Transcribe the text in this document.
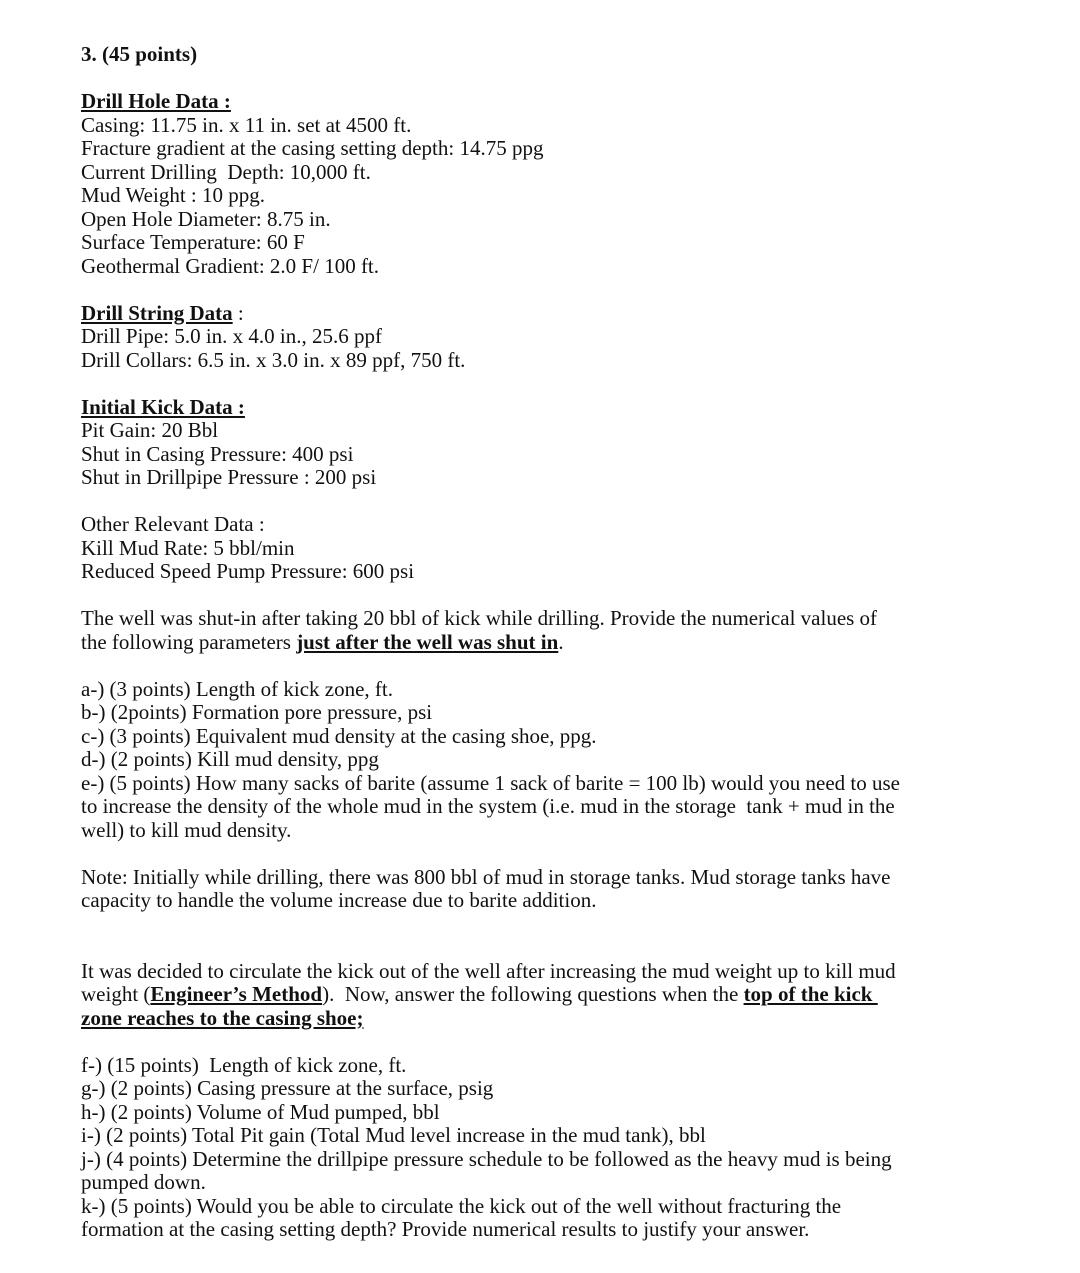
3. (45 points)
Drill Hole Data :
Casing: 11.75 in. x 11 in. set at 4500 ft.
Fracture gradient at the casing setting depth: 14.75 ppg
Current Drilling  Depth: 10,000 ft.
Mud Weight : 10 ppg.
Open Hole Diameter: 8.75 in.
Surface Temperature: 60 F
Geothermal Gradient: 2.0 F/ 100 ft.
Drill String Data :
Drill Pipe: 5.0 in. x 4.0 in., 25.6 ppf
Drill Collars: 6.5 in. x 3.0 in. x 89 ppf, 750 ft.
Initial Kick Data :
Pit Gain: 20 Bbl
Shut in Casing Pressure: 400 psi
Shut in Drillpipe Pressure : 200 psi
Other Relevant Data :
Kill Mud Rate: 5 bbl/min
Reduced Speed Pump Pressure: 600 psi
The well was shut-in after taking 20 bbl of kick while drilling. Provide the numerical values of
the following parameters just after the well was shut in.
a-) (3 points) Length of kick zone, ft.
b-) (2points) Formation pore pressure, psi
c-) (3 points) Equivalent mud density at the casing shoe, ppg.
d-) (2 points) Kill mud density, ppg
e-) (5 points) How many sacks of barite (assume 1 sack of barite = 100 lb) would you need to use
to increase the density of the whole mud in the system (i.e. mud in the storage  tank + mud in the
well) to kill mud density.
Note: Initially while drilling, there was 800 bbl of mud in storage tanks. Mud storage tanks have
capacity to handle the volume increase due to barite addition.
It was decided to circulate the kick out of the well after increasing the mud weight up to kill mud
weight (Engineer’s Method).  Now, answer the following questions when the top of the kick
zone reaches to the casing shoe;
f-) (15 points)  Length of kick zone, ft.
g-) (2 points) Casing pressure at the surface, psig
h-) (2 points) Volume of Mud pumped, bbl
i-) (2 points) Total Pit gain (Total Mud level increase in the mud tank), bbl
j-) (4 points) Determine the drillpipe pressure schedule to be followed as the heavy mud is being
pumped down.
k-) (5 points) Would you be able to circulate the kick out of the well without fracturing the
formation at the casing setting depth? Provide numerical results to justify your answer.
